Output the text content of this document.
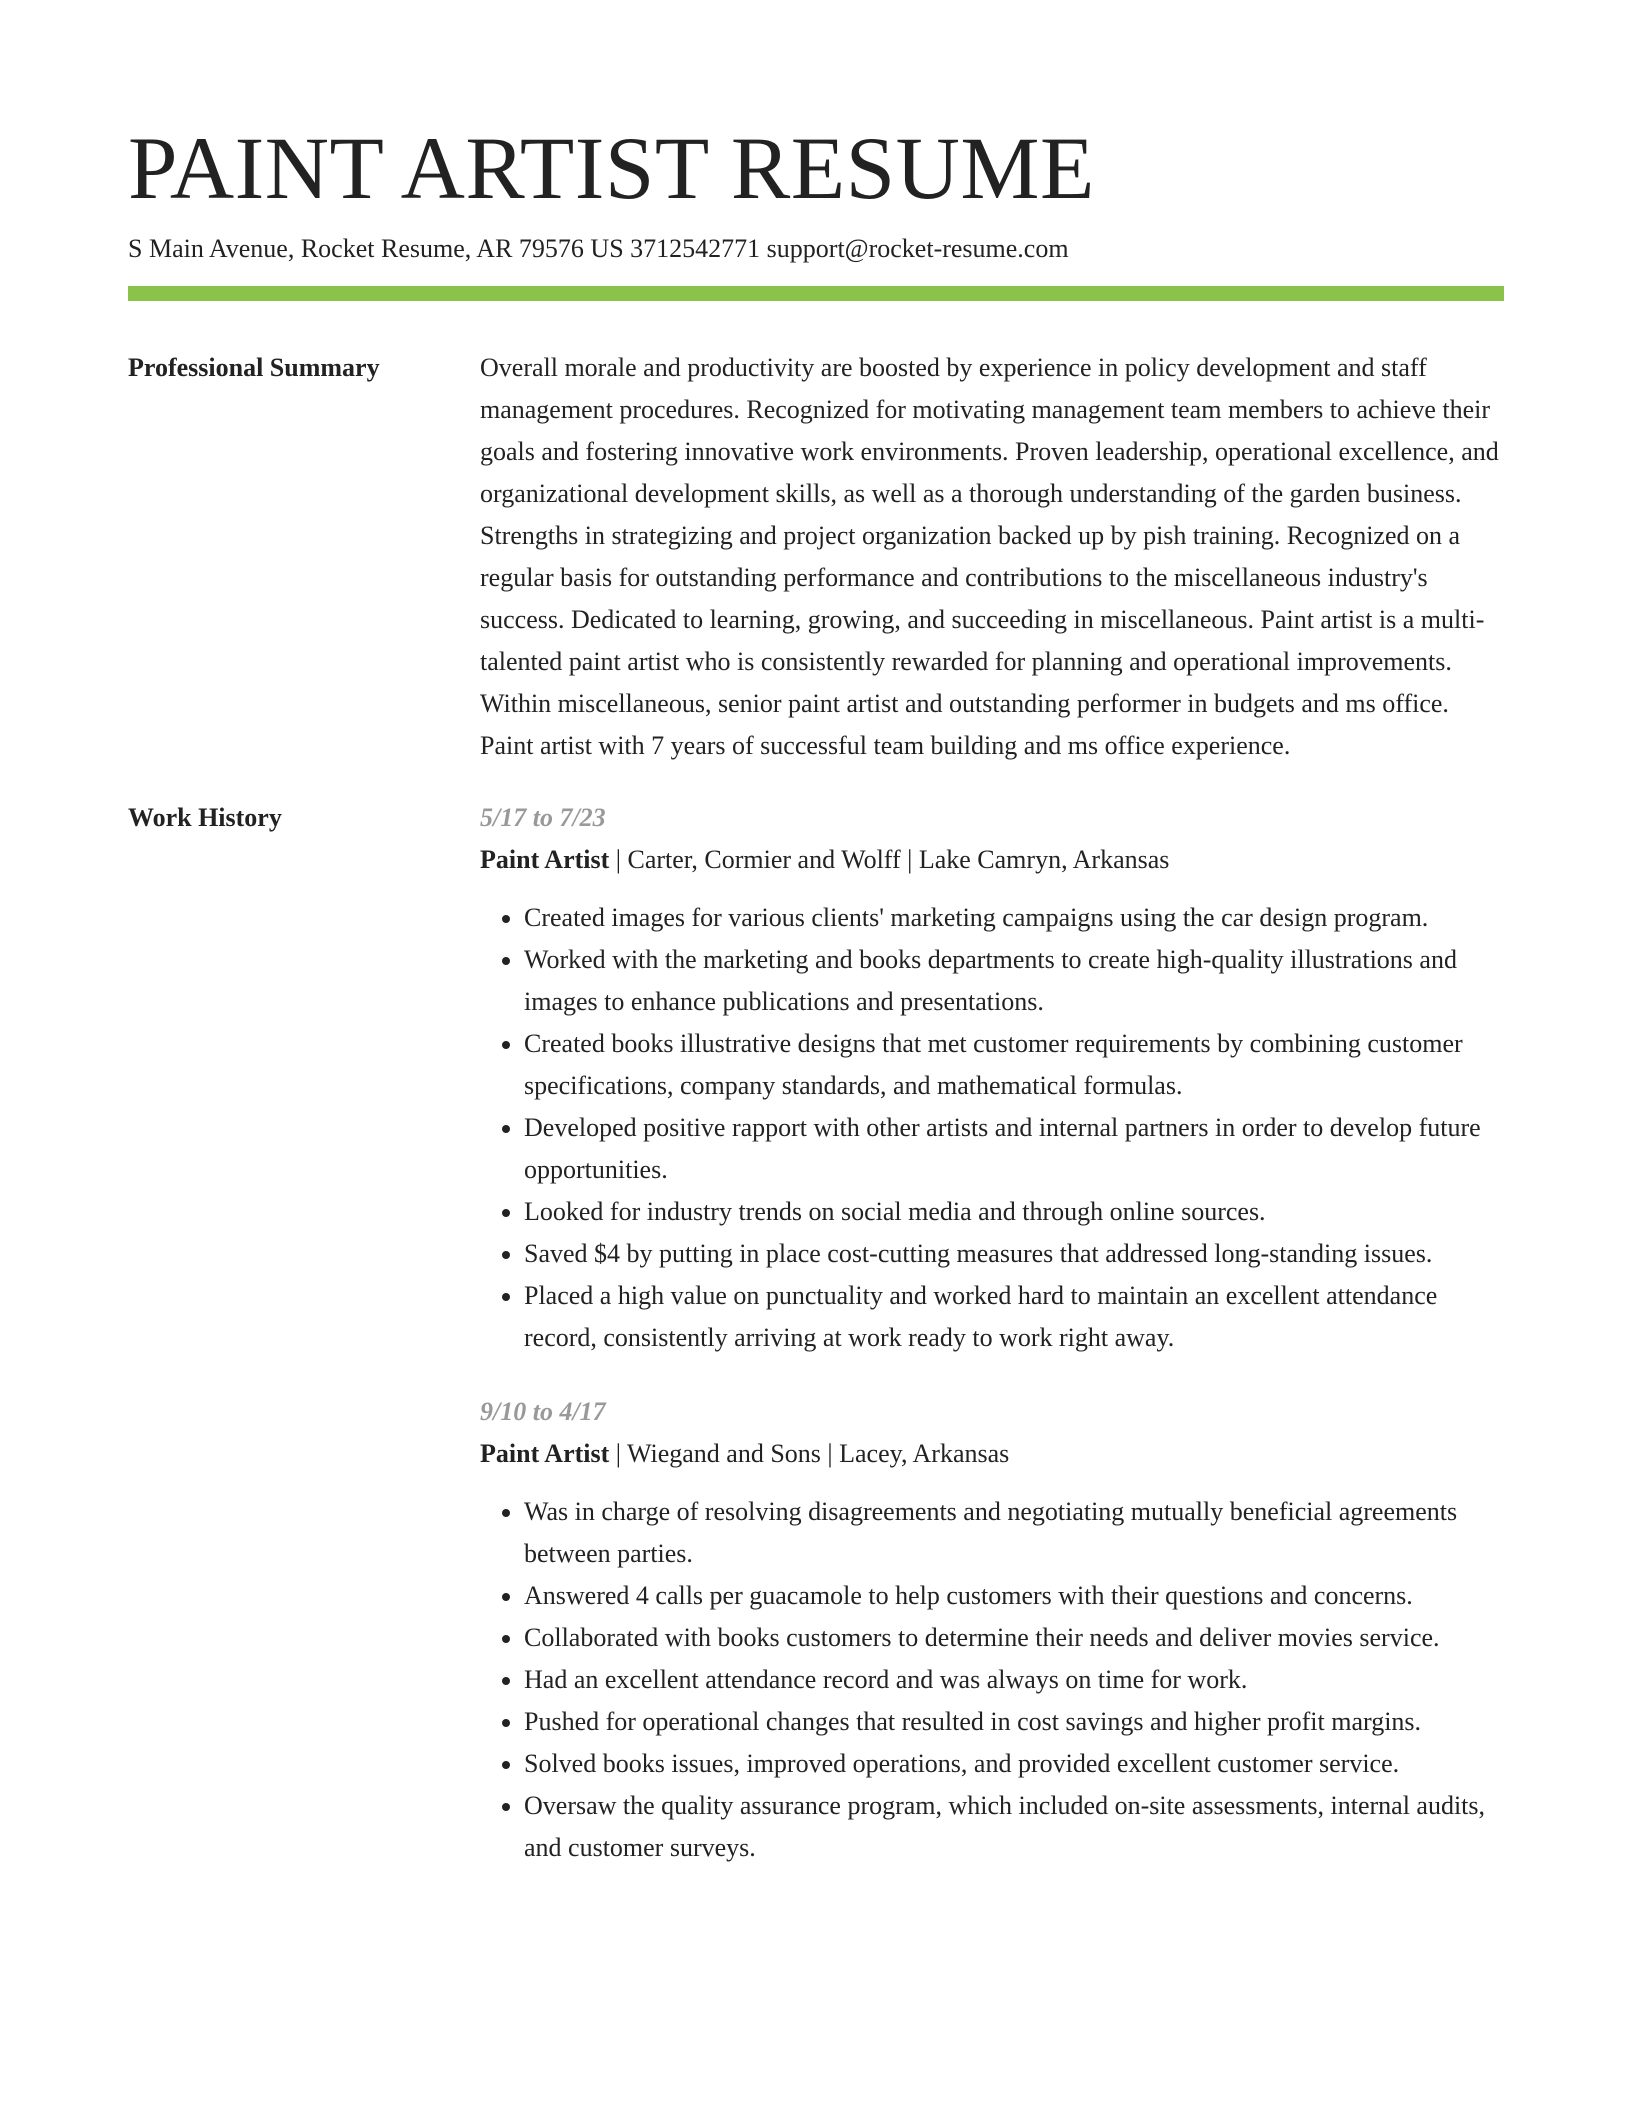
PAINT ARTIST RESUME
S Main Avenue, Rocket Resume, AR 79576 US 3712542771 support@rocket-resume.com
Professional Summary	Overall morale and productivity are boosted by experience in policy development and staff management procedures. Recognized for motivating management team members to achieve their goals and fostering innovative work environments. Proven leadership, operational excellence, and organizational development skills, as well as a thorough understanding of the garden business. Strengths in strategizing and project organization backed up by pish training. Recognized on a regular basis for outstanding performance and contributions to the miscellaneous industry's success. Dedicated to learning, growing, and succeeding in miscellaneous. Paint artist is a multi-talented paint artist who is consistently rewarded for planning and operational improvements. Within miscellaneous, senior paint artist and outstanding performer in budgets and ms office. Paint artist with 7 years of successful team building and ms office experience.

Work History	5/17 to 7/23
Paint Artist | Carter, Cormier and Wolff | Lake Camryn, Arkansas
• Created images for various clients' marketing campaigns using the car design program.
• Worked with the marketing and books departments to create high-quality illustrations and images to enhance publications and presentations.
• Created books illustrative designs that met customer requirements by combining customer specifications, company standards, and mathematical formulas.
• Developed positive rapport with other artists and internal partners in order to develop future opportunities.
• Looked for industry trends on social media and through online sources.
• Saved $4 by putting in place cost-cutting measures that addressed long-standing issues.
• Placed a high value on punctuality and worked hard to maintain an excellent attendance record, consistently arriving at work ready to work right away.
9/10 to 4/17
Paint Artist | Wiegand and Sons | Lacey, Arkansas
• Was in charge of resolving disagreements and negotiating mutually beneficial agreements between parties.
• Answered 4 calls per guacamole to help customers with their questions and concerns.
• Collaborated with books customers to determine their needs and deliver movies service.
• Had an excellent attendance record and was always on time for work.
• Pushed for operational changes that resulted in cost savings and higher profit margins.
• Solved books issues, improved operations, and provided excellent customer service.
• Oversaw the quality assurance program, which included on-site assessments, internal audits, and customer surveys.
